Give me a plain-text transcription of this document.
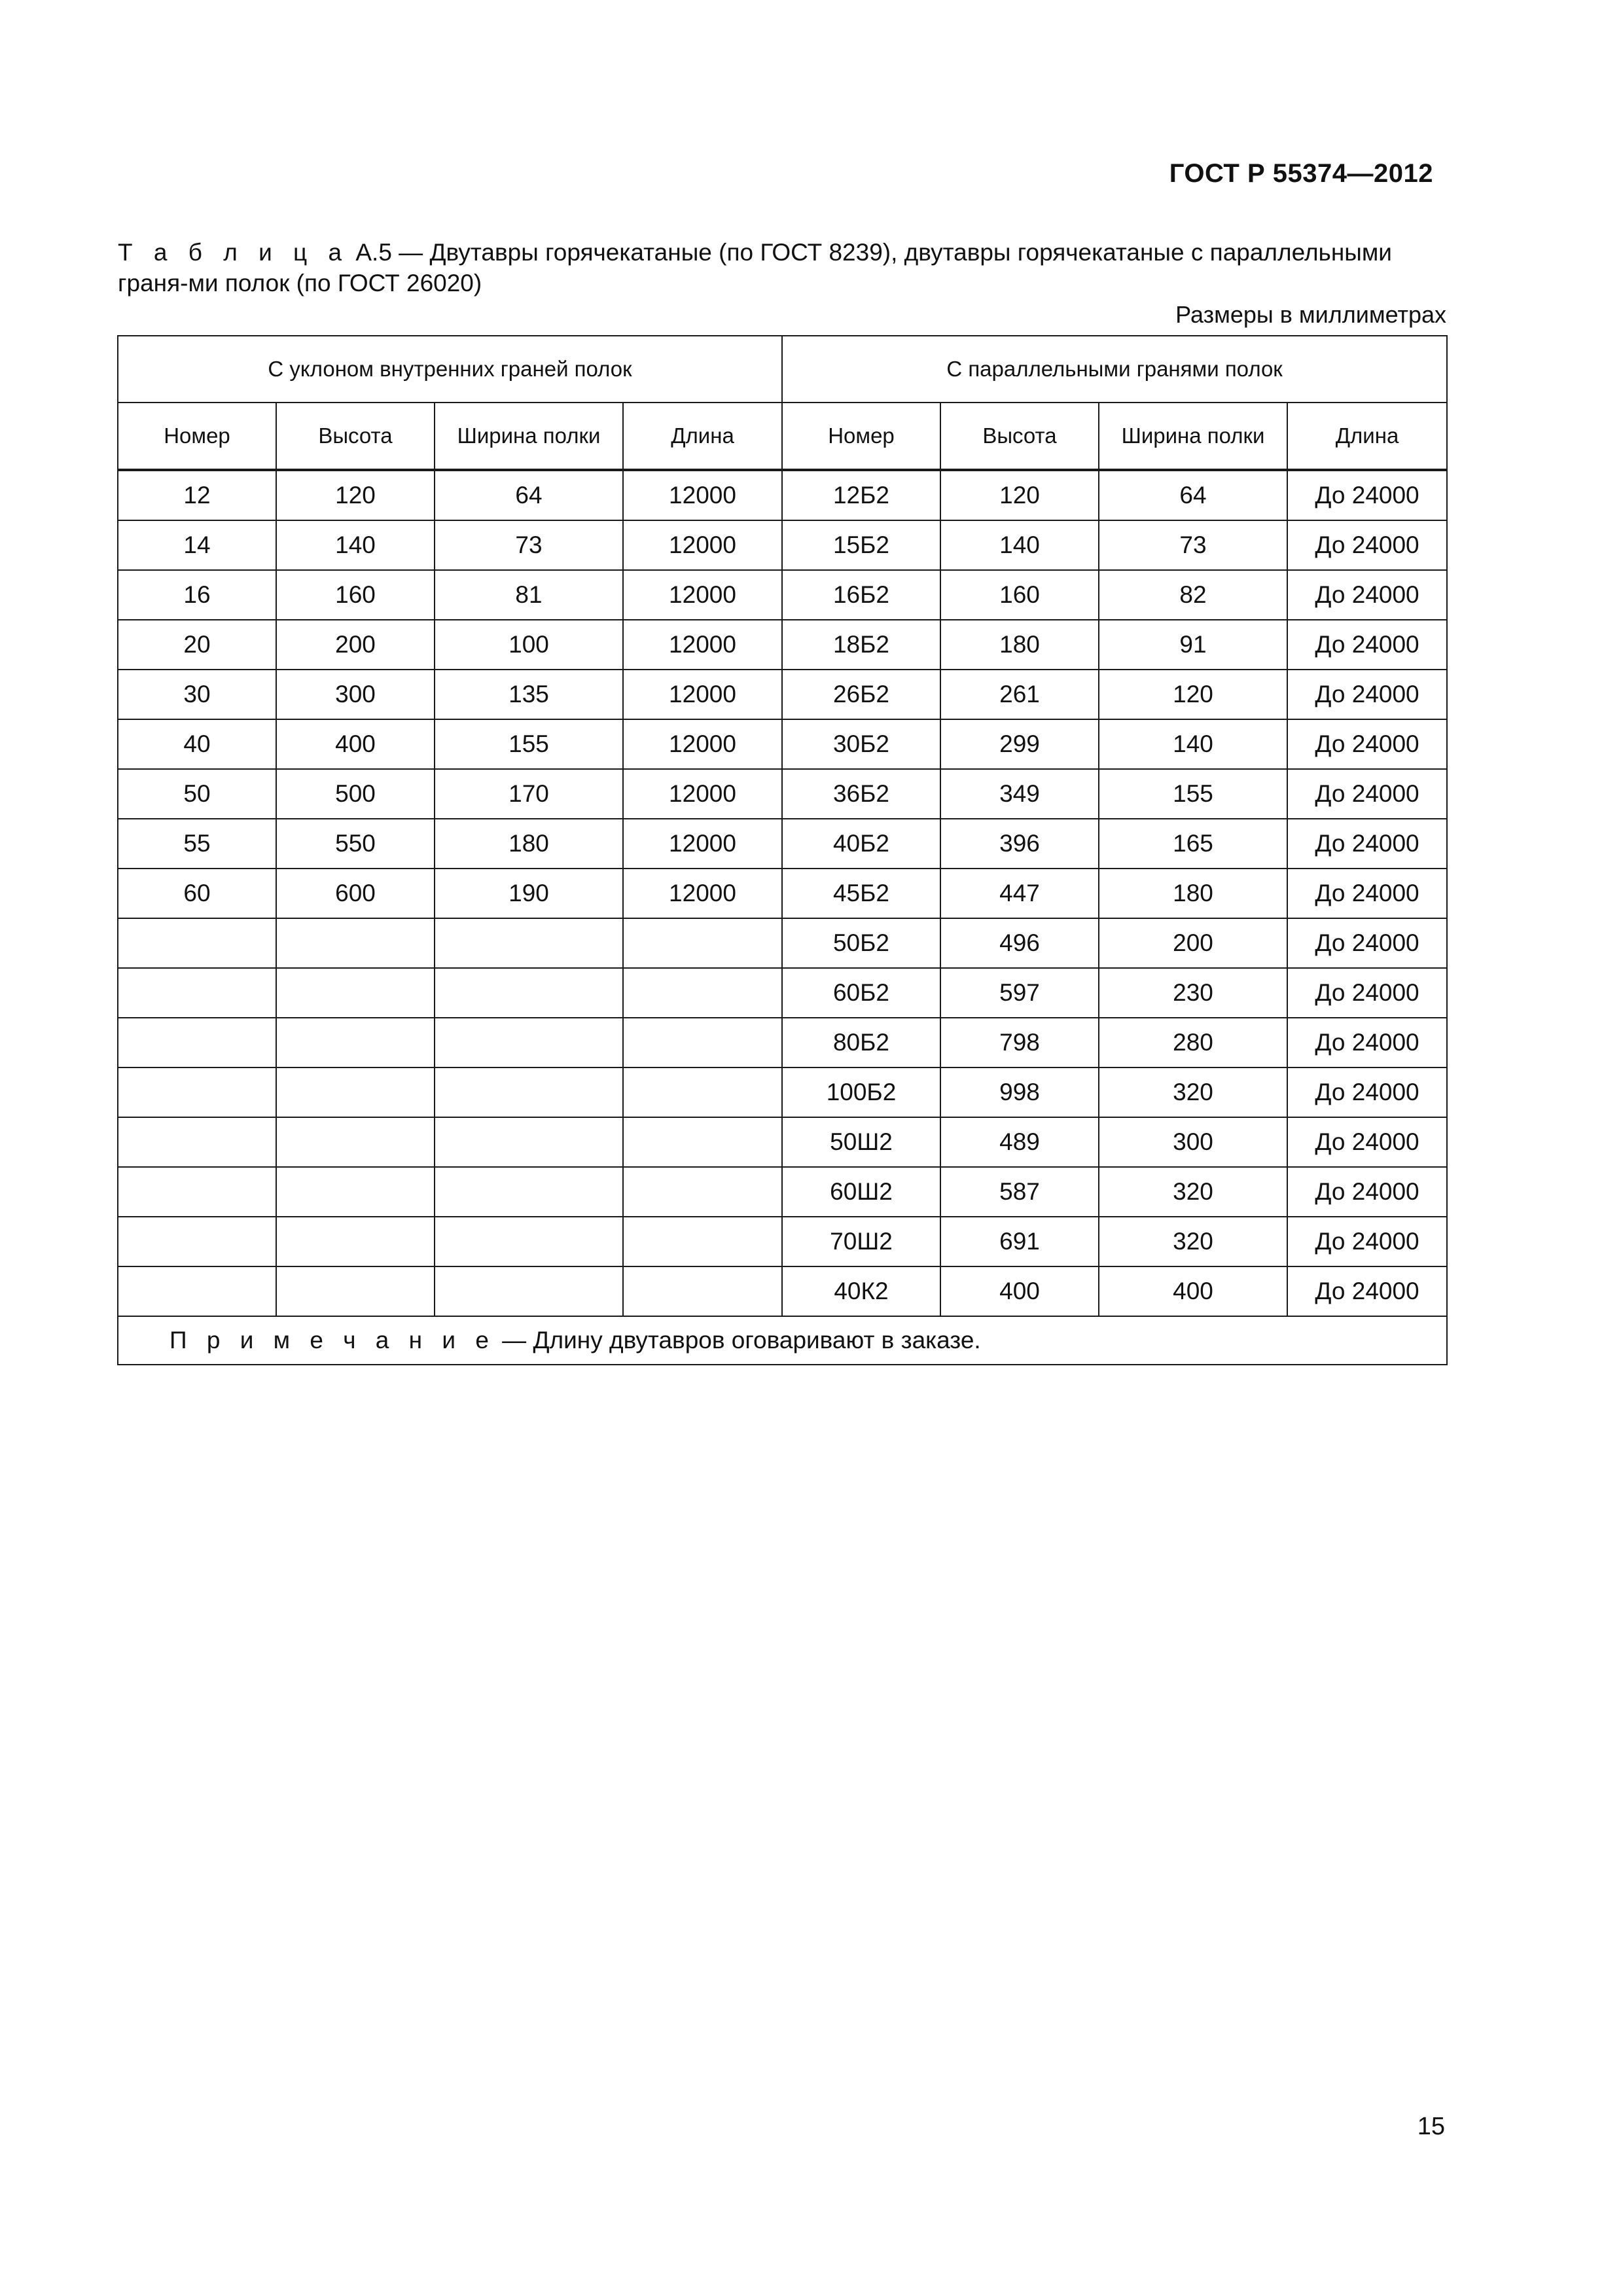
ГОСТ Р 55374—2012
Т а б л и ц а А.5 — Двутавры горячекатаные (по ГОСТ 8239), двутавры горячекатаные с параллельными граня-ми полок (по ГОСТ 26020)
Размеры в миллиметрах
С уклоном внутренних граней полок				С параллельными гранями полок			
Номер	Высота	Ширина полки	Длина	Номер	Высота	Ширина полки	Длина
12	120	64	12000	12Б2	120	64	До 24000
14	140	73	12000	15Б2	140	73	До 24000
16	160	81	12000	16Б2	160	82	До 24000
20	200	100	12000	18Б2	180	91	До 24000
30	300	135	12000	26Б2	261	120	До 24000
40	400	155	12000	30Б2	299	140	До 24000
50	500	170	12000	36Б2	349	155	До 24000
55	550	180	12000	40Б2	396	165	До 24000
60	600	190	12000	45Б2	447	180	До 24000
				50Б2	496	200	До 24000
				60Б2	597	230	До 24000
				80Б2	798	280	До 24000
				100Б2	998	320	До 24000
				50Ш2	489	300	До 24000
				60Ш2	587	320	До 24000
				70Ш2	691	320	До 24000
				40К2	400	400	До 24000
П р и м е ч а н и е — Длину двутавров оговаривают в заказе.							
15
